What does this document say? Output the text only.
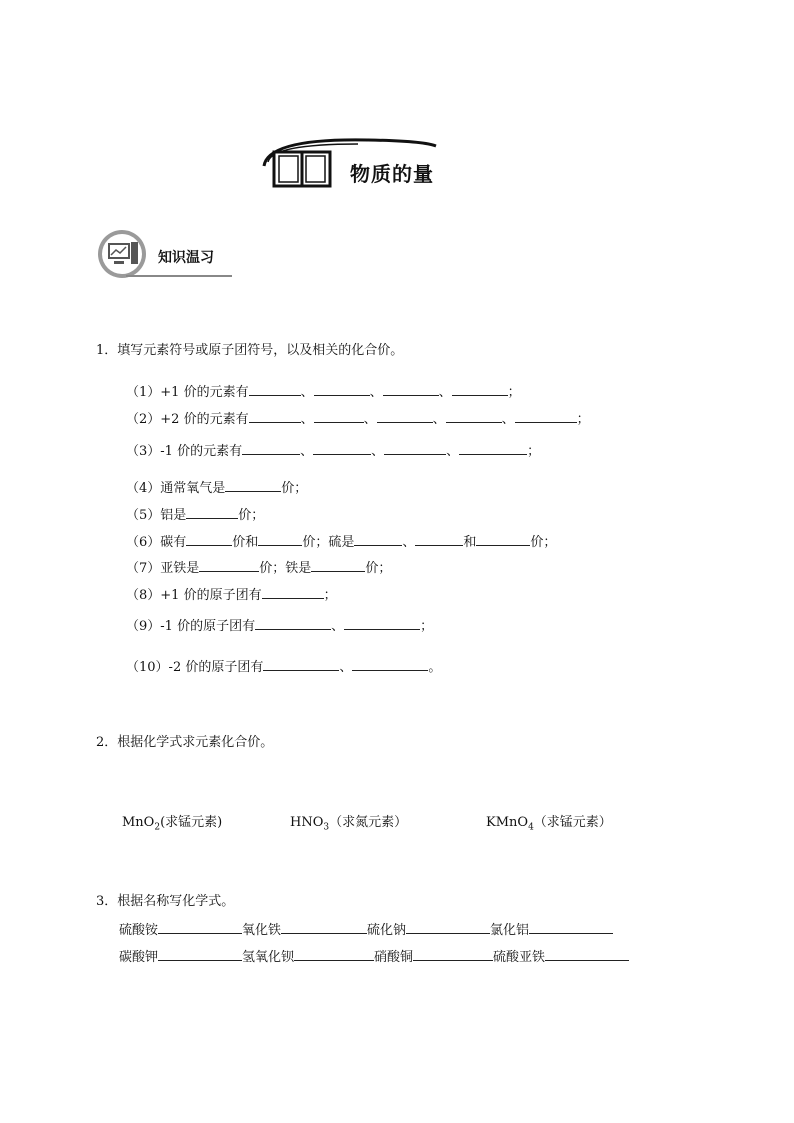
物质的量
知识温习
1．填写元素符号或原子团符号，以及相关的化合价。
（1）+1 价的元素有	、	、	、	；
（2）+2 价的元素有	、	、	、	、	；
（3）-1 价的元素有	、	、	、	；
（4）通常氧气是	价；
（5）铝是	价；
（6）碳有	价和	价；硫是	、	和	价；
（7）亚铁是	价；铁是	价；
（8）+1 价的原子团有	；
（9）-1 价的原子团有	、	；
（10）-2 价的原子团有	、	。
2．根据化学式求元素化合价。
MnO$_2$(求锰元素)	$HNO_3$（求氮元素）	KMnO$_4$（求锰元素）
3．根据名称写化学式。
硫酸铵	氧化铁	硫化钠	氯化铝
碳酸钾	氢氧化钡	硝酸铜	硫酸亚铁
